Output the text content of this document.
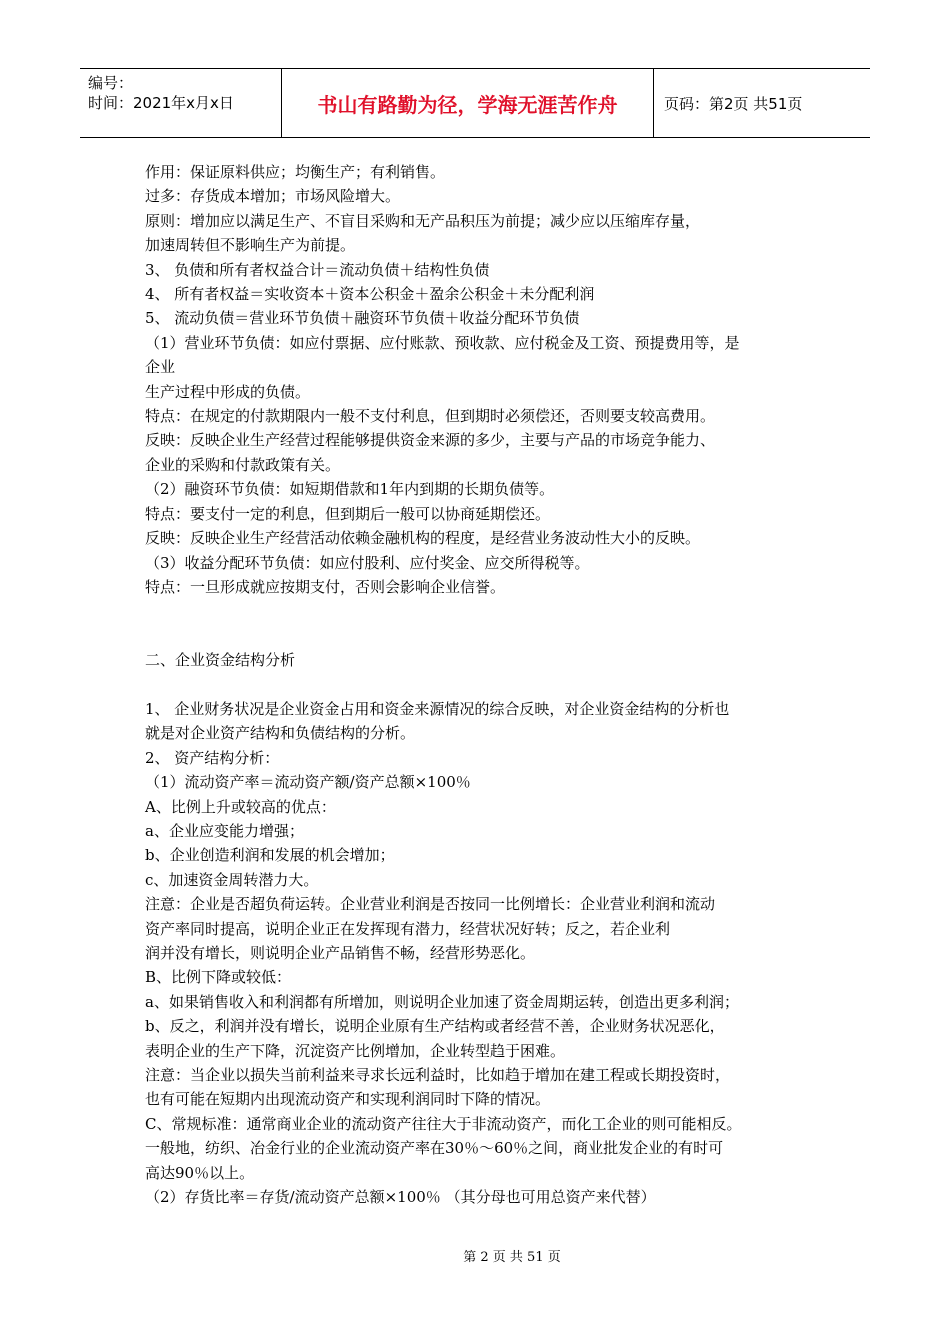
编号：
时间：2021年x月x日	书山有路勤为径，学海无涯苦作舟	页码：第2页 共51页
作用：保证原料供应；均衡生产；有利销售。
过多：存货成本增加；市场风险增大。
原则：增加应以满足生产、不盲目采购和无产品积压为前提；减少应以压缩库存量，
加速周转但不影响生产为前提。
3、 负债和所有者权益合计＝流动负债＋结构性负债
4、 所有者权益＝实收资本＋资本公积金＋盈余公积金＋未分配利润
5、 流动负债＝营业环节负债＋融资环节负债＋收益分配环节负债
（1）营业环节负债：如应付票据、应付账款、预收款、应付税金及工资、预提费用等，是
企业
生产过程中形成的负债。
特点：在规定的付款期限内一般不支付利息，但到期时必须偿还，否则要支较高费用。
反映：反映企业生产经营过程能够提供资金来源的多少，主要与产品的市场竞争能力、
企业的采购和付款政策有关。
（2）融资环节负债：如短期借款和1年内到期的长期负债等。
特点：要支付一定的利息，但到期后一般可以协商延期偿还。
反映：反映企业生产经营活动依赖金融机构的程度，是经营业务波动性大小的反映。
（3）收益分配环节负债：如应付股利、应付奖金、应交所得税等。
特点：一旦形成就应按期支付，否则会影响企业信誉。
二、企业资金结构分析
1、 企业财务状况是企业资金占用和资金来源情况的综合反映，对企业资金结构的分析也
就是对企业资产结构和负债结构的分析。
2、 资产结构分析：
（1）流动资产率＝流动资产额/资产总额×100％
A、比例上升或较高的优点：
a、企业应变能力增强；
b、企业创造利润和发展的机会增加；
c、加速资金周转潜力大。
注意：企业是否超负荷运转。企业营业利润是否按同一比例增长：企业营业利润和流动
资产率同时提高，说明企业正在发挥现有潜力，经营状况好转；反之，若企业利
润并没有增长，则说明企业产品销售不畅，经营形势恶化。
B、比例下降或较低：
a、如果销售收入和利润都有所增加，则说明企业加速了资金周期运转，创造出更多利润；
b、反之，利润并没有增长，说明企业原有生产结构或者经营不善，企业财务状况恶化，
表明企业的生产下降，沉淀资产比例增加，企业转型趋于困难。
注意：当企业以损失当前利益来寻求长远利益时，比如趋于增加在建工程或长期投资时，
也有可能在短期内出现流动资产和实现利润同时下降的情况。
C、常规标准：通常商业企业的流动资产往往大于非流动资产，而化工企业的则可能相反。
一般地，纺织、冶金行业的企业流动资产率在30％～60％之间，商业批发企业的有时可
高达90％以上。
（2）存货比率＝存货/流动资产总额×100％ （其分母也可用总资产来代替）
第 2 页 共 51 页
